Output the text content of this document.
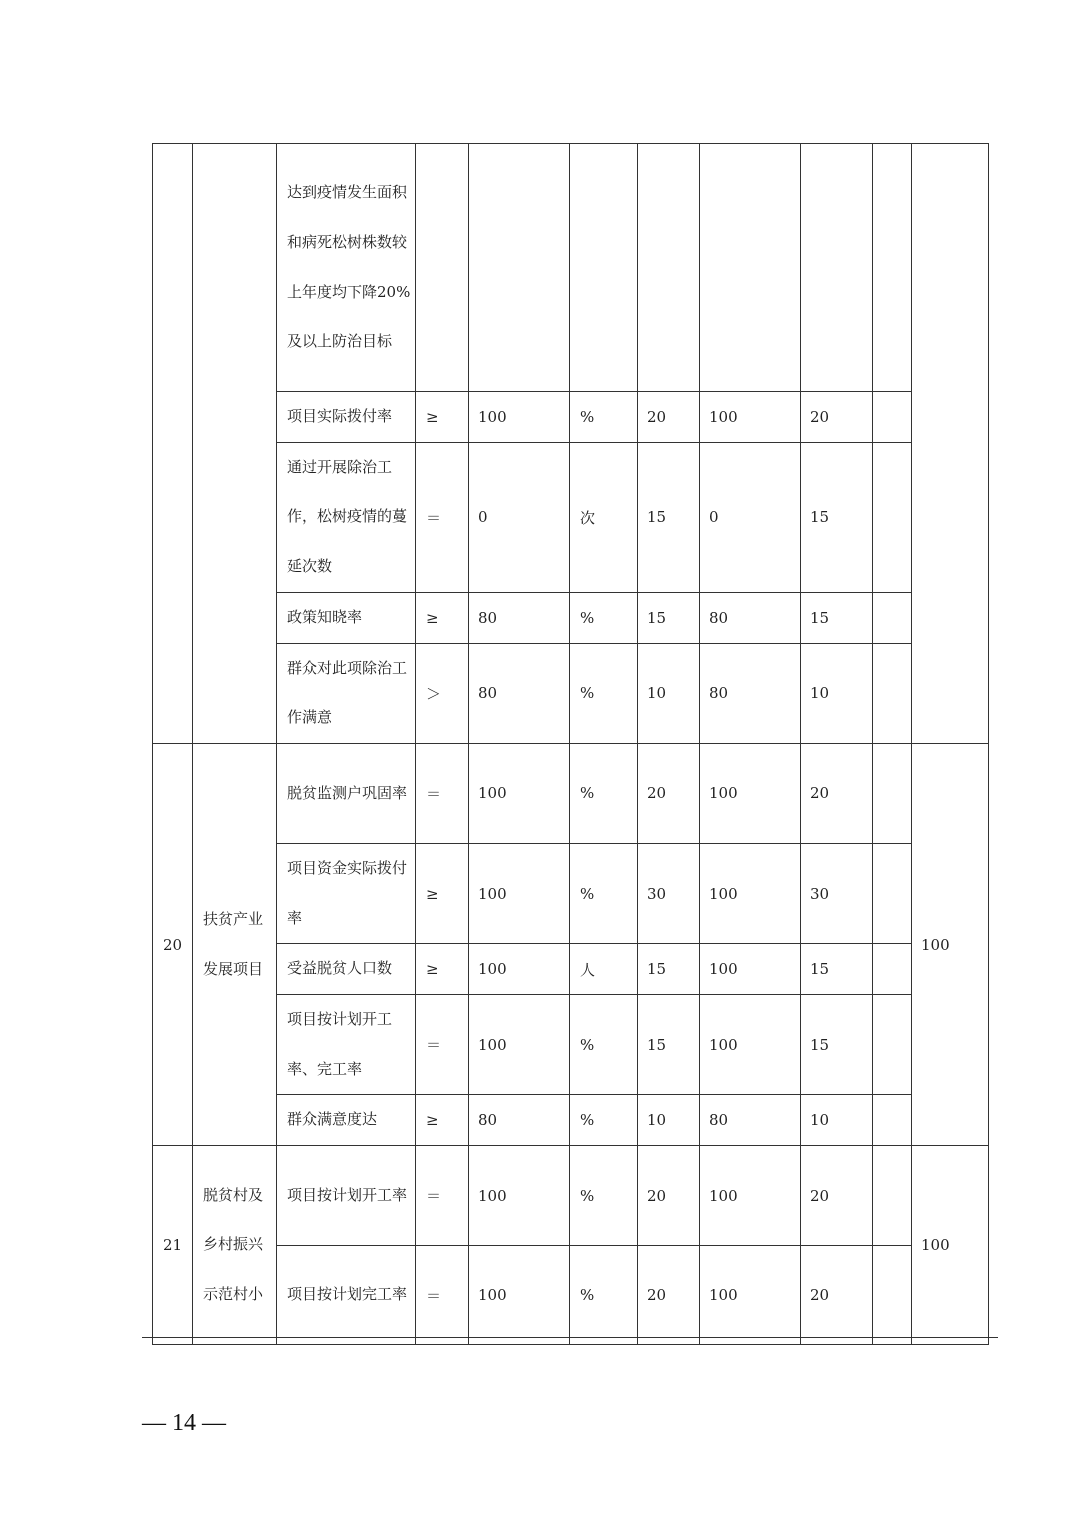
		达到疫情发生面积和病死松树株数较上年度均下降20%及以上防治目标								
		项目实际拨付率	≥	100	%	20	100	20		
		通过开展除治工作，松树疫情的蔓延次数	＝	0	次	15	0	15		
		政策知晓率	≥	80	%	15	80	15		
		群众对此项除治工作满意	＞	80	%	10	80	10		
20	扶贫产业发展项目	脱贫监测户巩固率	＝	100	%	20	100	20		100
		项目资金实际拨付率	≥	100	%	30	100	30		
		受益脱贫人口数	≥	100	人	15	100	15		
		项目按计划开工率、完工率	＝	100	%	15	100	15		
		群众满意度达	≥	80	%	10	80	10		
21	脱贫村及乡村振兴示范村小	项目按计划开工率	＝	100	%	20	100	20		100
		项目按计划完工率	＝	100	%	20	100	20		
— 14 —
